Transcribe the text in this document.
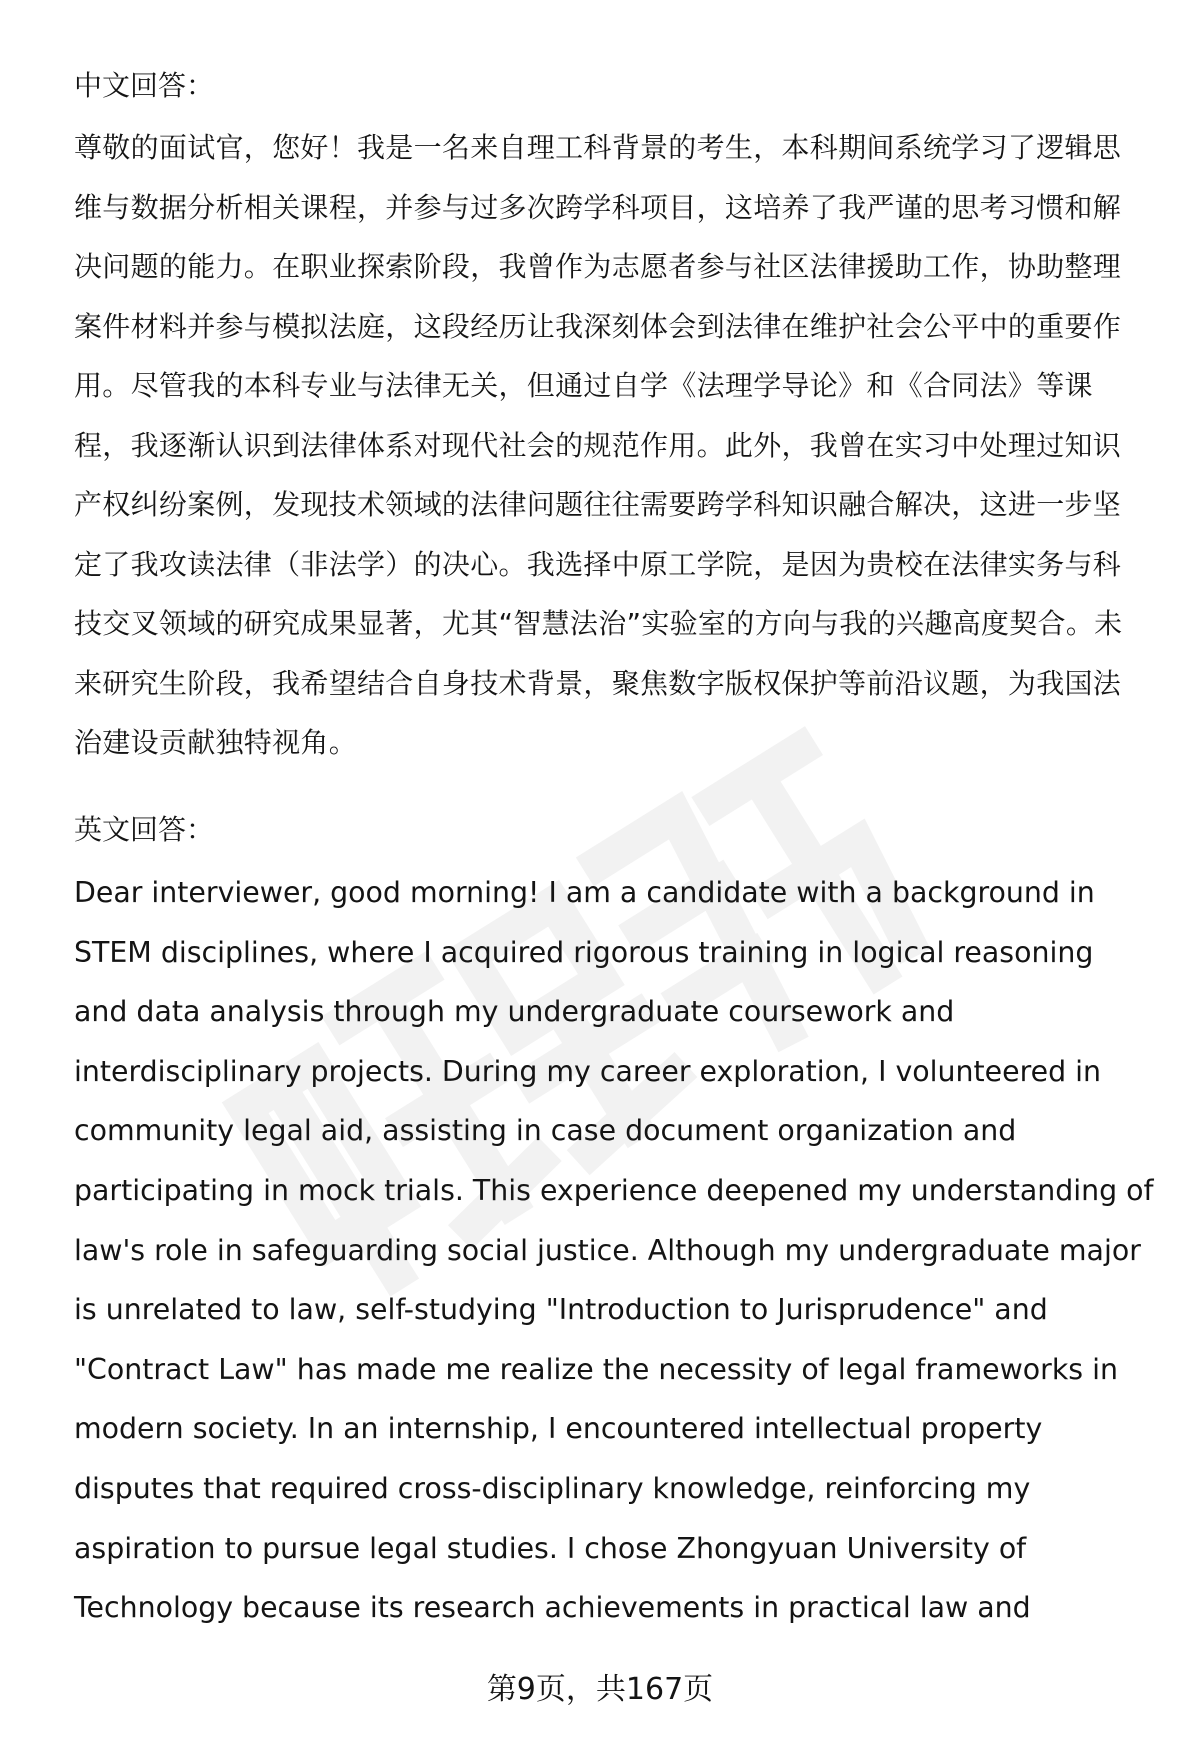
中文回答：

尊敬的面试官，您好！我是一名来自理工科背景的考生，本科期间系统学习了逻辑思维与数据分析相关课程，并参与过多次跨学科项目，这培养了我严谨的思考习惯和解决问题的能力。在职业探索阶段，我曾作为志愿者参与社区法律援助工作，协助整理案件材料并参与模拟法庭，这段经历让我深刻体会到法律在维护社会公平中的重要作用。尽管我的本科专业与法律无关，但通过自学《法理学导论》和《合同法》等课程，我逐渐认识到法律体系对现代社会的规范作用。此外，我曾在实习中处理过知识产权纠纷案例，发现技术领域的法律问题往往需要跨学科知识融合解决，这进一步坚定了我攻读法律（非法学）的决心。我选择中原工学院，是因为贵校在法律实务与科技交叉领域的研究成果显著，尤其“智慧法治”实验室的方向与我的兴趣高度契合。未来研究生阶段，我希望结合自身技术背景，聚焦数字版权保护等前沿议题，为我国法治建设贡献独特视角。

英文回答：

Dear interviewer, good morning! I am a candidate with a background in STEM disciplines, where I acquired rigorous training in logical reasoning and data analysis through my undergraduate coursework and interdisciplinary projects. During my career exploration, I volunteered in community legal aid, assisting in case document organization and participating in mock trials. This experience deepened my understanding of law's role in safeguarding social justice. Although my undergraduate major is unrelated to law, self-studying "Introduction to Jurisprudence" and "Contract Law" has made me realize the necessity of legal frameworks in modern society. In an internship, I encountered intellectual property disputes that required cross-disciplinary knowledge, reinforcing my aspiration to pursue legal studies. I chose Zhongyuan University of Technology because its research achievements in practical law and

第9页，共167页
